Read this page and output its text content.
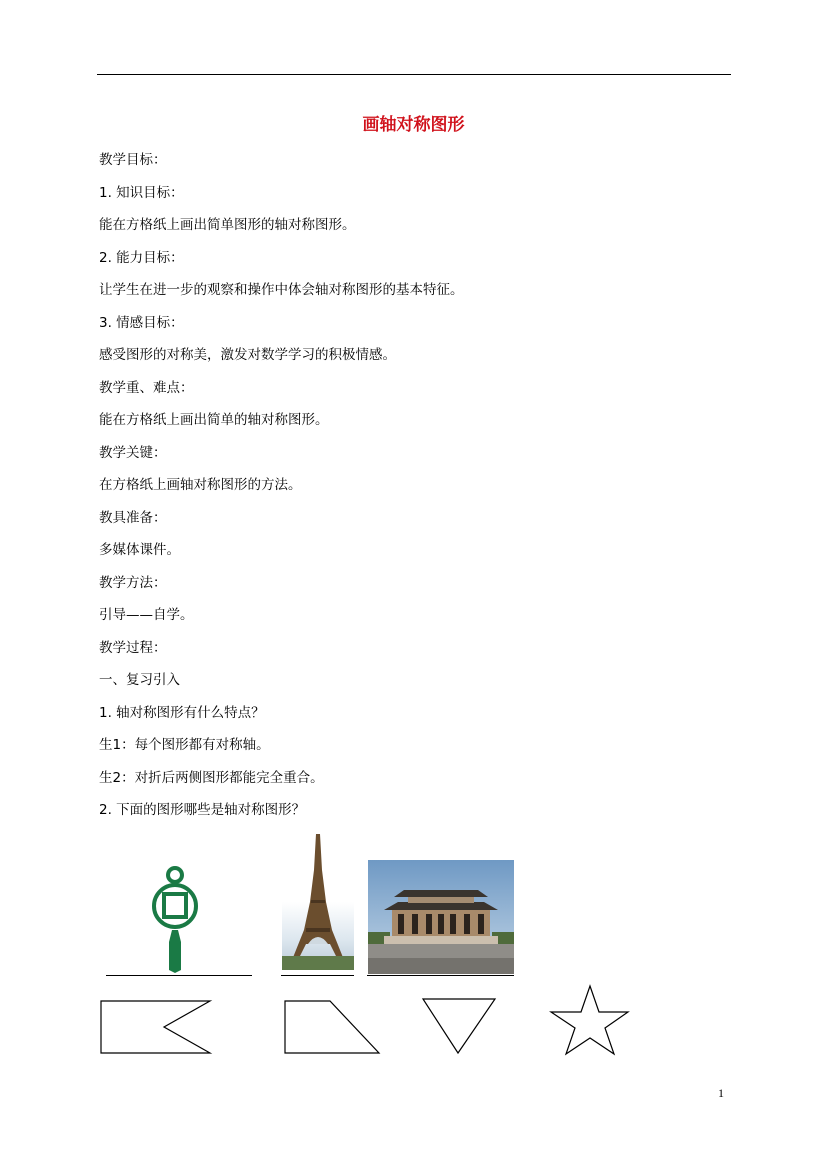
画轴对称图形
教学目标：
1. 知识目标：
能在方格纸上画出简单图形的轴对称图形。
2. 能力目标：
让学生在进一步的观察和操作中体会轴对称图形的基本特征。
3. 情感目标：
感受图形的对称美，激发对数学学习的积极情感。
教学重、难点：
能在方格纸上画出简单的轴对称图形。
教学关键：
在方格纸上画轴对称图形的方法。
教具准备：
多媒体课件。
教学方法：
引导——自学。
教学过程：
一、复习引入
1. 轴对称图形有什么特点？
生1：每个图形都有对称轴。
生2：对折后两侧图形都能完全重合。
2. 下面的图形哪些是轴对称图形？
1
